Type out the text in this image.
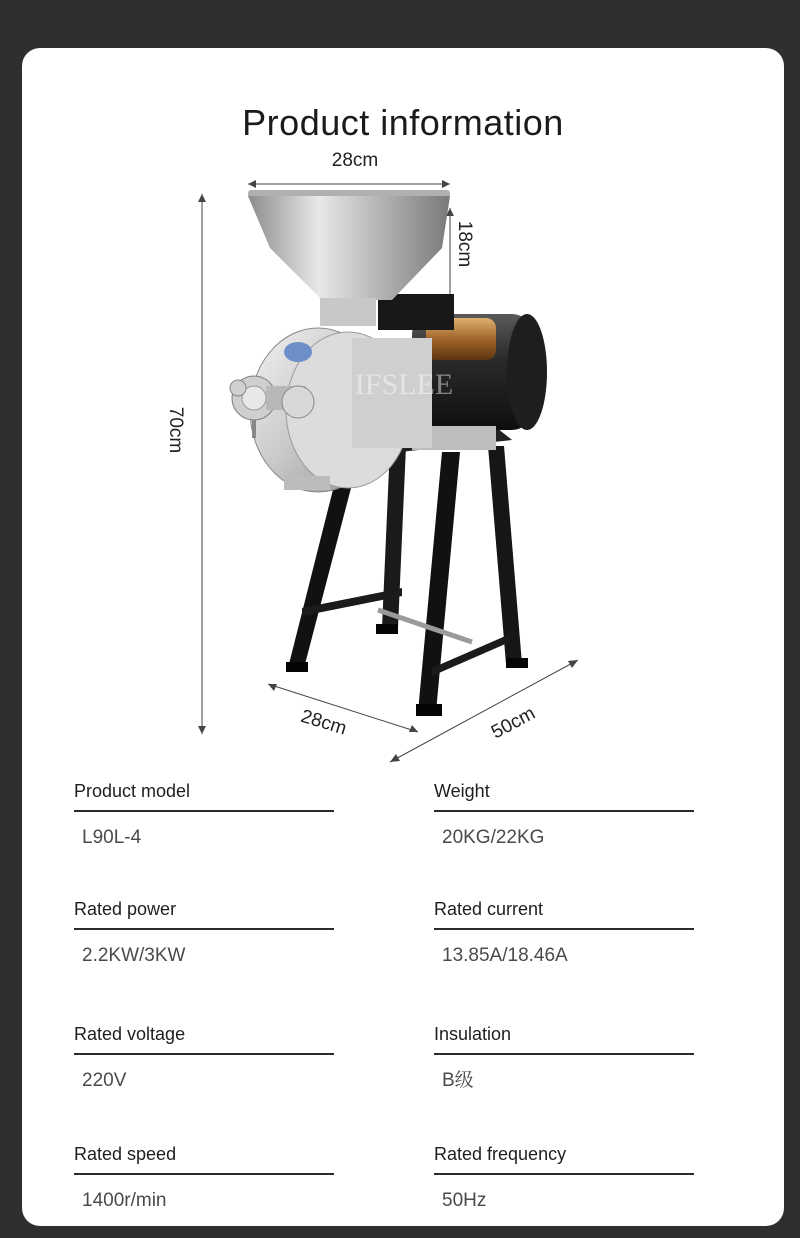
Product information
28cm
18cm
70cm
28cm	50cm
IFSLEE
Product model
L90L-4
Weight
20KG/22KG
Rated power
2.2KW/3KW
Rated current
13.85A/18.46A
Rated voltage
220V
Insulation
B级
Rated speed
1400r/min
Rated frequency
50Hz
